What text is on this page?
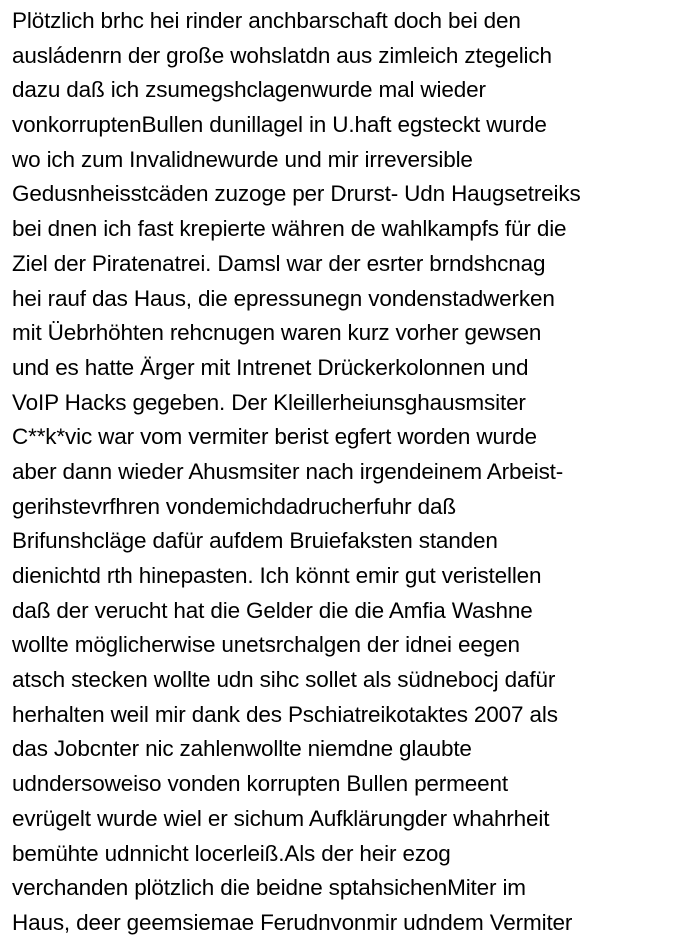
Plötzlich brhc hei rinder anchbarschaft doch bei den
ausládenrn der große wohslatdn aus zimleich ztegelich
dazu daß ich zsumegshclagenwurde mal wieder
vonkorruptenBullen dunillagel in U.haft egsteckt wurde
wo ich zum Invalidnewurde und mir irreversible
Gedusnheisstcäden zuzoge per Drurst- Udn Haugsetreiks
bei dnen ich fast krepierte währen de wahlkampfs für die
Ziel der Piratenatrei. Damsl war der esrter brndshcnag
hei rauf das Haus, die epressunegn vondenstadwerken
mit Üebrhöhten rehcnugen waren kurz vorher gewsen
und es hatte Ärger mit Intrenet Drückerkolonnen und
VoIP Hacks gegeben. Der Kleillerheiunsghausmsiter
C**k*vic war vom vermiter berist egfert worden wurde
aber dann wieder Ahusmsiter nach irgendeinem Arbeist-
gerihstevrfhren vondemichdadrucherfuhr daß
Brifunshcläge dafür aufdem Bruiefaksten standen
dienichtd rth hinepasten. Ich könnt emir gut veristellen
daß der verucht hat die Gelder die die Amfia Washne
wollte möglicherwise unetsrchalgen der idnei eegen
atsch stecken wollte udn sihc sollet als südnebocj dafür
herhalten weil mir dank des Pschiatreikotaktes 2007 als
das Jobcnter nic zahlenwollte niemdne glaubte
udndersoweiso vonden korrupten Bullen permeent
evrügelt wurde wiel er sichum Aufklärungder whahrheit
bemühte udnnicht locerleiß.Als der heir ezog
verchanden plötzlich die beidne sptahsichenMiter im
Haus, deer geemsiemae Ferudnvonmir udndem Vermiter
